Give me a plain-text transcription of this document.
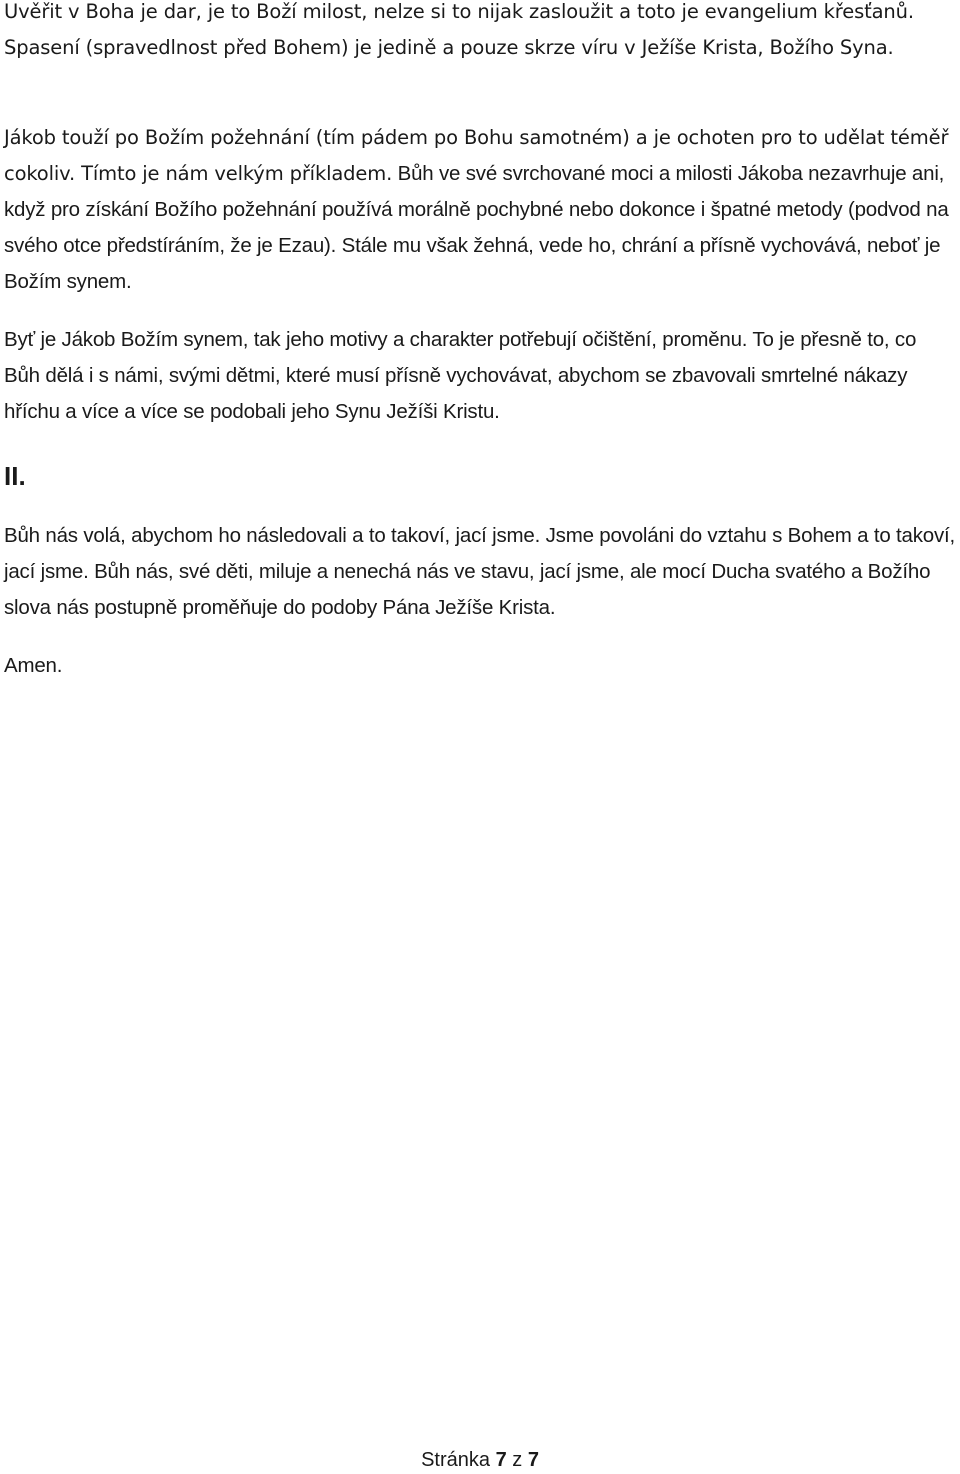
Uvěřit v Boha je dar, je to Boží milost, nelze si to nijak zasloužit a toto je evangelium křesťanů. Spasení (spravedlnost před Bohem) je jedině a pouze skrze víru v Ježíše Krista, Božího Syna.

Jákob touží po Božím požehnání (tím pádem po Bohu samotném) a je ochoten pro to udělat téměř cokoliv. Tímto je nám velkým příkladem. Bůh ve své svrchované moci a milosti Jákoba nezavrhuje ani, když pro získání Božího požehnání používá morálně pochybné nebo dokonce i špatné metody (podvod na svého otce předstíráním, že je Ezau). Stále mu však žehná, vede ho, chrání a přísně vychovává, neboť je Božím synem.

Byť je Jákob Božím synem, tak jeho motivy a charakter potřebují očištění, proměnu. To je přesně to, co Bůh dělá i s námi, svými dětmi, které musí přísně vychovávat, abychom se zbavovali smrtelné nákazy hříchu a více a více se podobali jeho Synu Ježíši Kristu.

II.

Bůh nás volá, abychom ho následovali a to takoví, jací jsme. Jsme povoláni do vztahu s Bohem a to takoví, jací jsme. Bůh nás, své děti, miluje a nenechá nás ve stavu, jací jsme, ale mocí Ducha svatého a Božího slova nás postupně proměňuje do podoby Pána Ježíše Krista.

Amen.

Stránka 7 z 7
